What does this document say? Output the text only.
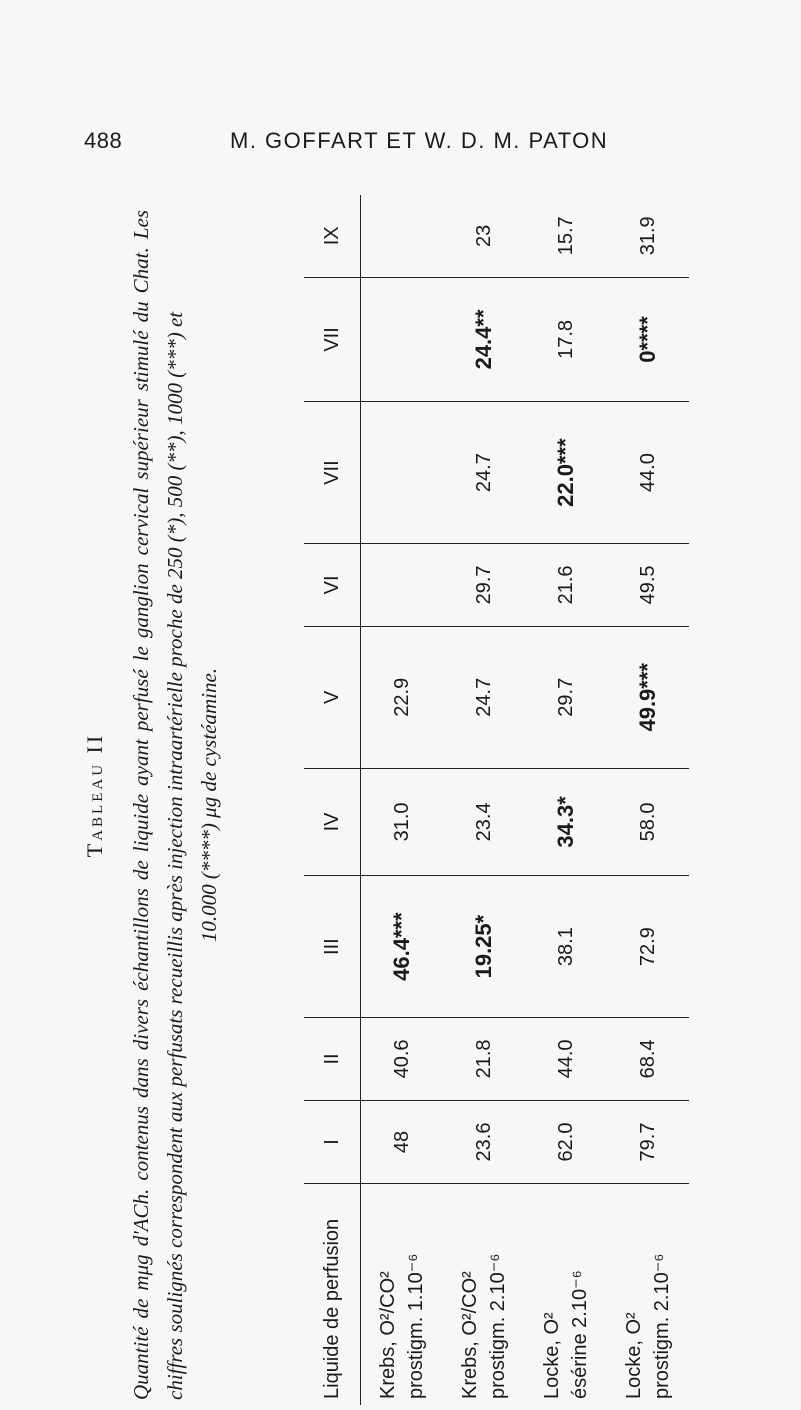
488	M. GOFFART ET W. D. M. PATON
Tableau II Quantité de mμg d'ACh. contenus dans divers échantillons de liquide ayant perfusé le ganglion cervical supérieur stimulé du Chat. Les chiffres soulignés correspondent aux perfusats recueillis après injection intraartérielle proche de 250 (*), 500 (**), 1000 (***) et 10.000 (****) μg de cystéamine.

Liquide de perfusion	I	II	III	IV	V	VI	VII	VII	IX

Krebs, O²/CO² prostigm. 1.10⁻⁶	48	40.6	46.4***	31.0	22.9				

Krebs, O²/CO² prostigm. 2.10⁻⁶	23.6	21.8	19.25*	23.4	24.7	29.7	24.7	24.4**	23

Locke, O² ésérine 2.10⁻⁶	62.0	44.0	38.1	34.3*	29.7	21.6	22.0***	17.8	15.7

Locke, O² prostigm. 2.10⁻⁶	79.7	68.4	72.9	58.0	49.9***	49.5	44.0	0****	31.9
